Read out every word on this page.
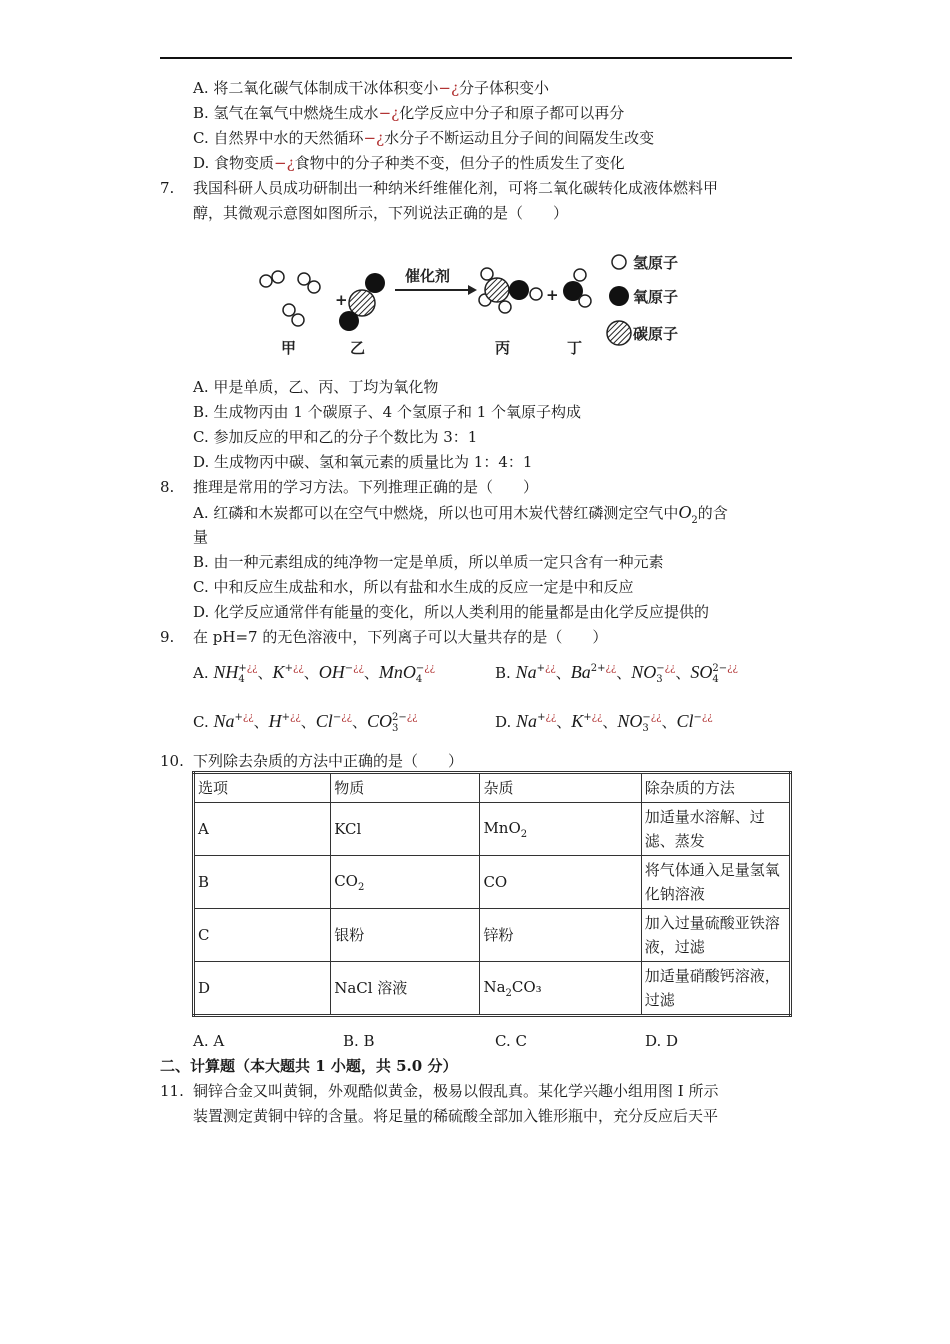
A. 将二氧化碳气体制成干冰体积变小−¿分子体积变小
B. 氢气在氧气中燃烧生成水−¿化学反应中分子和原子都可以再分
C. 自然界中水的天然循环−¿水分子不断运动且分子间的间隔发生改变
D. 食物变质−¿食物中的分子种类不变，但分子的性质发生了变化
7. 我国科研人员成功研制出一种纳米纤维催化剂，可将二氧化碳转化成液体燃料甲
醇，其微观示意图如图所示，下列说法正确的是（　　）
+
催化剂
+
甲	乙	丙	丁
氢原子
氧原子
碳原子
A. 甲是单质，乙、丙、丁均为氧化物
B. 生成物丙由 1 个碳原子、4 个氢原子和 1 个氧原子构成
C. 参加反应的甲和乙的分子个数比为 3：1
D. 生成物丙中碳、氢和氧元素的质量比为 1：4：1
8. 推理是常用的学习方法。下列推理正确的是（　　）
A. 红磷和木炭都可以在空气中燃烧，所以也可用木炭代替红磷测定空气中$O_2$的含
量
B. 由一种元素组成的纯净物一定是单质，所以单质一定只含有一种元素
C. 中和反应生成盐和水，所以有盐和水生成的反应一定是中和反应
D. 化学反应通常伴有能量的变化，所以人类利用的能量都是由化学反应提供的
9. 在 pH=7 的无色溶液中，下列离子可以大量共存的是（　　）
A. NH +¿¿
4 、K +¿¿
、OH −¿¿
、MnO −¿¿
4	B. Na +¿¿
、Ba 2+¿¿
、NO −¿¿
3 、SO 2−¿¿
4
C. Na +¿¿
、H +¿¿
、Cl −¿¿
、CO 2−¿¿
3	D. Na +¿¿
、K +¿¿
、NO −¿¿
3 、Cl −¿¿

10. 下列除去杂质的方法中正确的是（　　）
选项	物质	杂质	除杂质的方法
A	KCl	MnO$_2$	加适量水溶解、过滤、蒸发
B	$CO_2$	CO	将气体通入足量氢氧化钠溶液
C	银粉	锌粉	加入过量硫酸亚铁溶液，过滤
D	NaCl 溶液	$Na_2CO_3$	加适量硝酸钙溶液，过滤
A. A	B. B	C. C	D. D
二、计算题（本大题共 1 小题，共 5.0 分）
11. 铜锌合金又叫黄铜，外观酷似黄金，极易以假乱真。某化学兴趣小组用图 I 所示
装置测定黄铜中锌的含量。将足量的稀硫酸全部加入锥形瓶中，充分反应后天平
